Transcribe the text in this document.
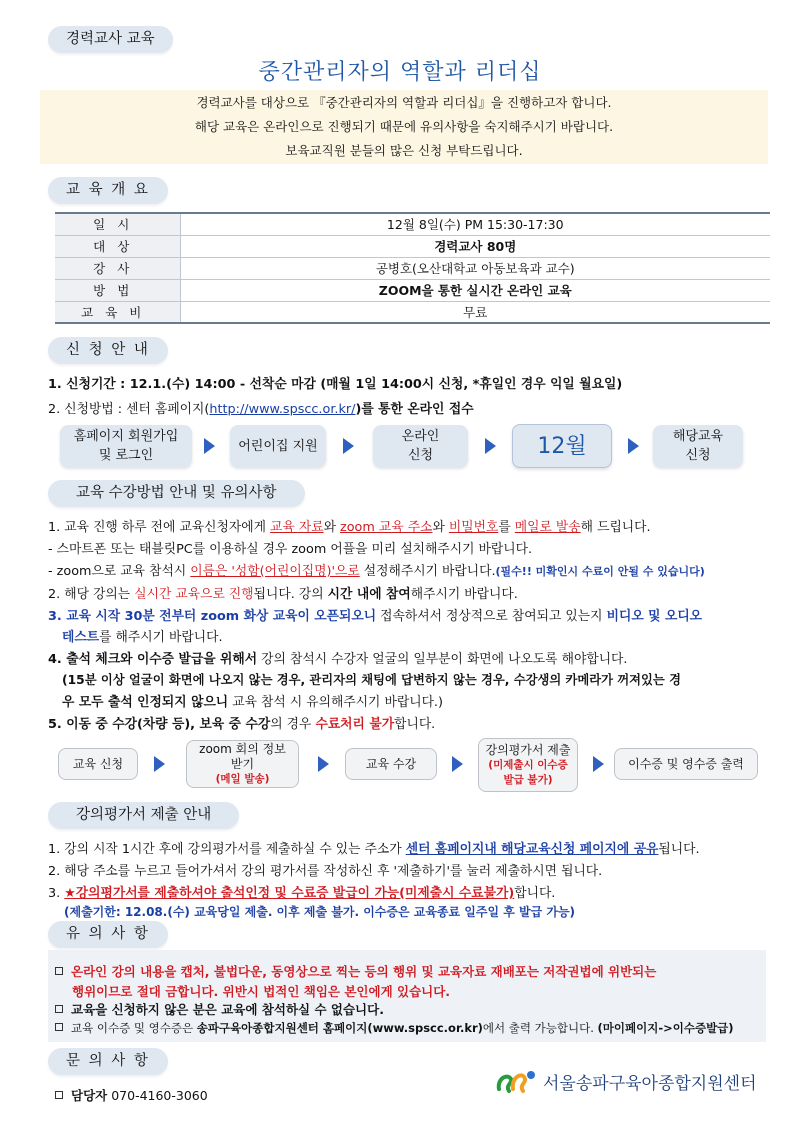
경력교사 교육
중간관리자의 역할과 리더십
경력교사를 대상으로 『중간관리자의 역할과 리더십』을 진행하고자 합니다.
해당 교육은 온라인으로 진행되기 때문에 유의사항을 숙지해주시기 바랍니다.
보육교직원 분들의 많은 신청 부탁드립니다.
교 육 개 요
일시	12월 8일(수) PM 15:30-17:30
대상	경력교사 80명
강사	공병호(오산대학교 아동보육과 교수)
방법	ZOOM을 통한 실시간 온라인 교육
교육비	무료
신 청 안 내
1. 신청기간 : 12.1.(수) 14:00 - 선착순 마감 (매월 1일 14:00시 신청, *휴일인 경우 익일 월요일)
2. 신청방법 : 센터 홈페이지(http://www.spscc.or.kr/)를 통한 온라인 접수
홈페이지 회원가입
및 로그인
어린이집 지원
온라인
신청	12월	해당교육
신청
교육 수강방법 안내 및 유의사항
1. 교육 진행 하루 전에 교육신청자에게 교육 자료와 zoom 교육 주소와 비밀번호를 메일로 발송해 드립니다.
- 스마트폰 또는 태블릿PC를 이용하실 경우 zoom 어플을 미리 설치해주시기 바랍니다.
- zoom으로 교육 참석시 이름은 '성함(어린이집명)'으로 설정해주시기 바랍니다.(필수!! 미확인시 수료이 안될 수 있습니다)
2. 해당 강의는 실시간 교육으로 진행됩니다. 강의 시간 내에 참여해주시기 바랍니다.
3. 교육 시작 30분 전부터 zoom 화상 교육이 오픈되오니 접속하셔서 정상적으로 참여되고 있는지 비디오 및 오디오
테스트를 해주시기 바랍니다.
4. 출석 체크와 이수증 발급을 위해서 강의 참석시 수강자 얼굴의 일부분이 화면에 나오도록 해야합니다.
(15분 이상 얼굴이 화면에 나오지 않는 경우, 관리자의 채팅에 답변하지 않는 경우, 수강생의 카메라가 꺼져있는 경
우 모두 출석 인정되지 않으니 교육 참석 시 유의해주시기 바랍니다.)
5. 이동 중 수강(차량 등), 보육 중 수강의 경우 수료처리 불가합니다.
교육 신청
zoom 회의 정보
받기
(메일 발송)
교육 수강
강의평가서 제출
(미제출시 이수증
발급 불가)
이수증 및 영수증 출력
강의평가서 제출 안내
1. 강의 시작 1시간 후에 강의평가서를 제출하실 수 있는 주소가 센터 홈페이지내 해당교육신청 페이지에 공유됩니다.
2. 해당 주소를 누르고 들어가셔서 강의 평가서를 작성하신 후 '제출하기'를 눌러 제출하시면 됩니다.
3. ★강의평가서를 제출하셔야 출석인정 및 수료증 발급이 가능(미제출시 수료불가)합니다.
(제출기한: 12.08.(수) 교육당일 제출. 이후 제출 불가. 이수증은 교육종료 일주일 후 발급 가능)
유 의 사 항
온라인 강의 내용을 캡처, 불법다운, 동영상으로 찍는 등의 행위 및 교육자료 재배포는 저작권법에 위반되는
행위이므로 절대 금합니다. 위반시 법적인 책임은 본인에게 있습니다.
교육을 신청하지 않은 분은 교육에 참석하실 수 없습니다.
교육 이수증 및 영수증은 송파구육아종합지원센터 홈페이지(www.spscc.or.kr)에서 출력 가능합니다. (마이페이지->이수증발급)
문 의 사 항
담당자 070-4160-3060
서울송파구육아종합지원센터
